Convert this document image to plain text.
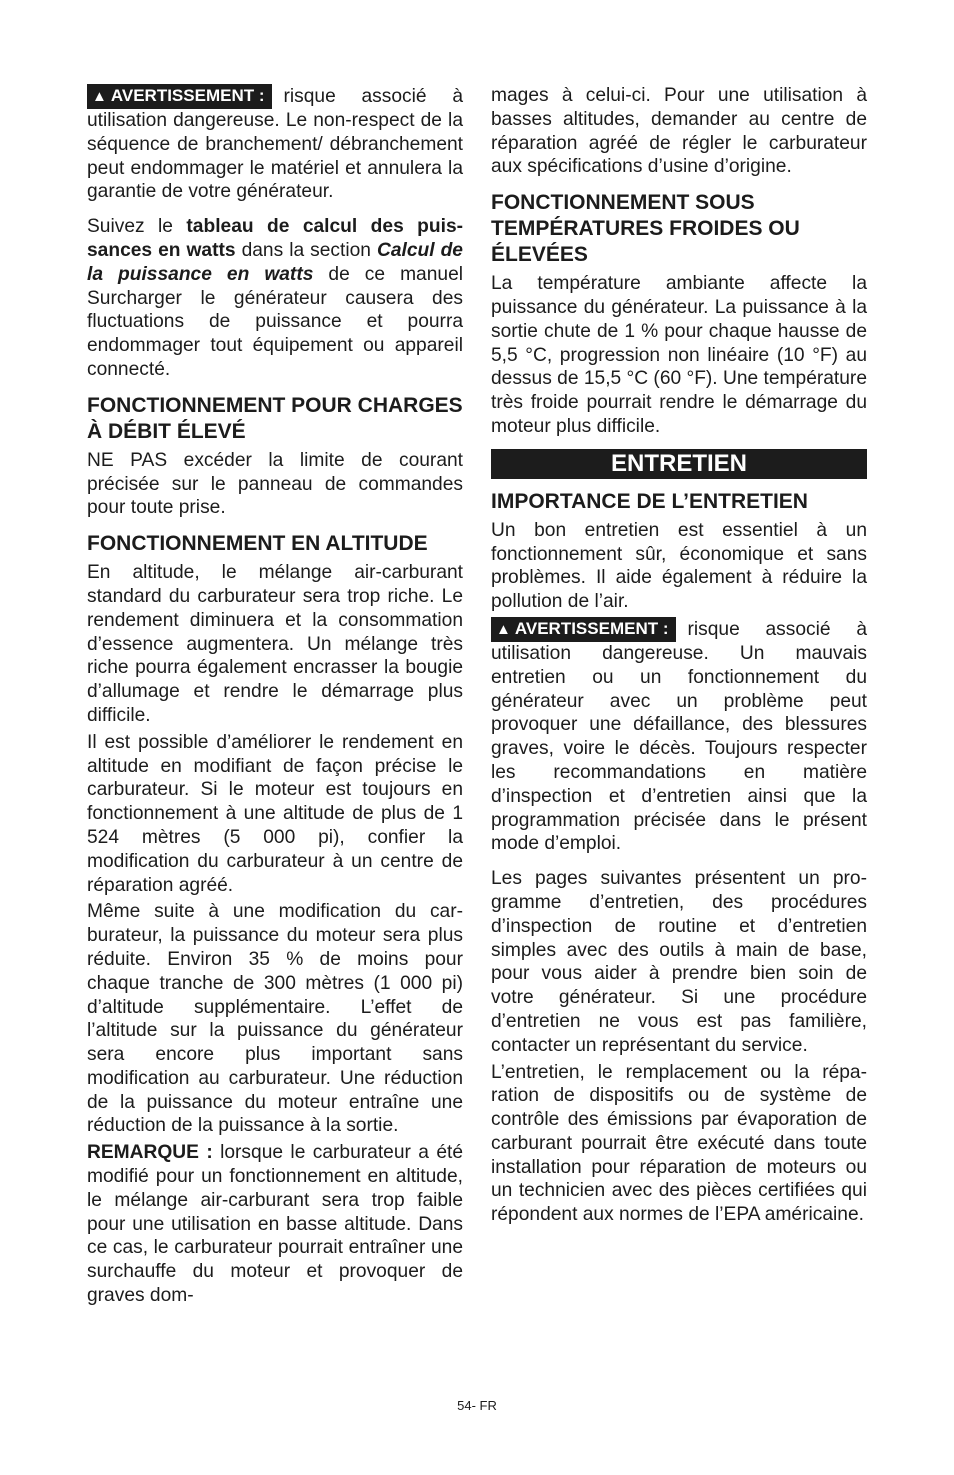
▲ AVERTISSEMENT : risque associé à utilisation dangereuse. Le non-respect de la séquence de branchement/ débranchement peut endommager le matériel et annulera la garantie de votre générateur.

Suivez le tableau de calcul des puissances en watts dans la section Calcul de la puissance en watts de ce manuel Surcharger le générateur causera des fluctuations de puissance et pourra endommager tout équipement ou appareil connecté.

FONCTIONNEMENT POUR CHARGES À DÉBIT ÉLEVÉ

NE PAS excéder la limite de courant précisée sur le panneau de commandes pour toute prise.

FONCTIONNEMENT EN ALTITUDE

En altitude, le mélange air-carburant standard du carburateur sera trop riche. Le rendement diminuera et la consommation d’essence augmentera. Un mélange très riche pourra également encrasser la bougie d’allumage et rendre le démarrage plus difficile.

Il est possible d’améliorer le rendement en altitude en modifiant de façon précise le carburateur. Si le moteur est toujours en fonctionnement à une altitude de plus de 1 524 mètres (5 000 pi), confier la modification du carburateur à un centre de réparation agréé.

Même suite à une modification du carburateur, la puissance du moteur sera plus réduite. Environ 35 % de moins pour chaque tranche de 300 mètres (1 000 pi) d’altitude supplémentaire. L’effet de l’altitude sur la puissance du générateur sera encore plus important sans modification au carburateur. Une réduction de la puissance du moteur entraîne une réduction de la puissance à la sortie.

REMARQUE : lorsque le carburateur a été modifié pour un fonctionnement en altitude, le mélange air-carburant sera trop faible pour une utilisation en basse altitude. Dans ce cas, le carburateur pourrait entraîner une surchauffe du moteur et provoquer de graves dom-

mages à celui-ci. Pour une utilisation à basses altitudes, demander au centre de réparation agréé de régler le carburateur aux spécifications d’usine d’origine.

FONCTIONNEMENT SOUS TEMPÉRATURES FROIDES OU ÉLEVÉES

La température ambiante affecte la puissance du générateur. La puissance à la sortie chute de 1 % pour chaque hausse de 5,5 °C, progression non linéaire (10 °F) au dessus de 15,5 °C (60 °F). Une température très froide pourrait rendre le démarrage du moteur plus difficile.

ENTRETIEN
IMPORTANCE DE L’ENTRETIEN

Un bon entretien est essentiel à un fonctionnement sûr, économique et sans problèmes. Il aide également à réduire la pollution de l’air.

▲ AVERTISSEMENT : risque associé à utilisation dangereuse. Un mauvais entretien ou un fonctionnement du générateur avec un problème peut provoquer une défaillance, des blessures graves, voire le décès. Toujours respecter les recommandations en matière d’inspection et d’entretien ainsi que la programmation précisée dans le présent mode d’emploi.

Les pages suivantes présentent un programme d’entretien, des procédures d’inspection de routine et d’entretien simples avec des outils à main de base, pour vous aider à prendre bien soin de votre générateur. Si une procédure d’entretien ne vous est pas familière, contacter un représentant du service.

L’entretien, le remplacement ou la réparation de dispositifs ou de système de contrôle des émissions par évaporation de carburant pourrait être exécuté dans toute installation pour réparation de moteurs ou un technicien avec des pièces certifiées qui répondent aux normes de l’EPA américaine.

54- FR
